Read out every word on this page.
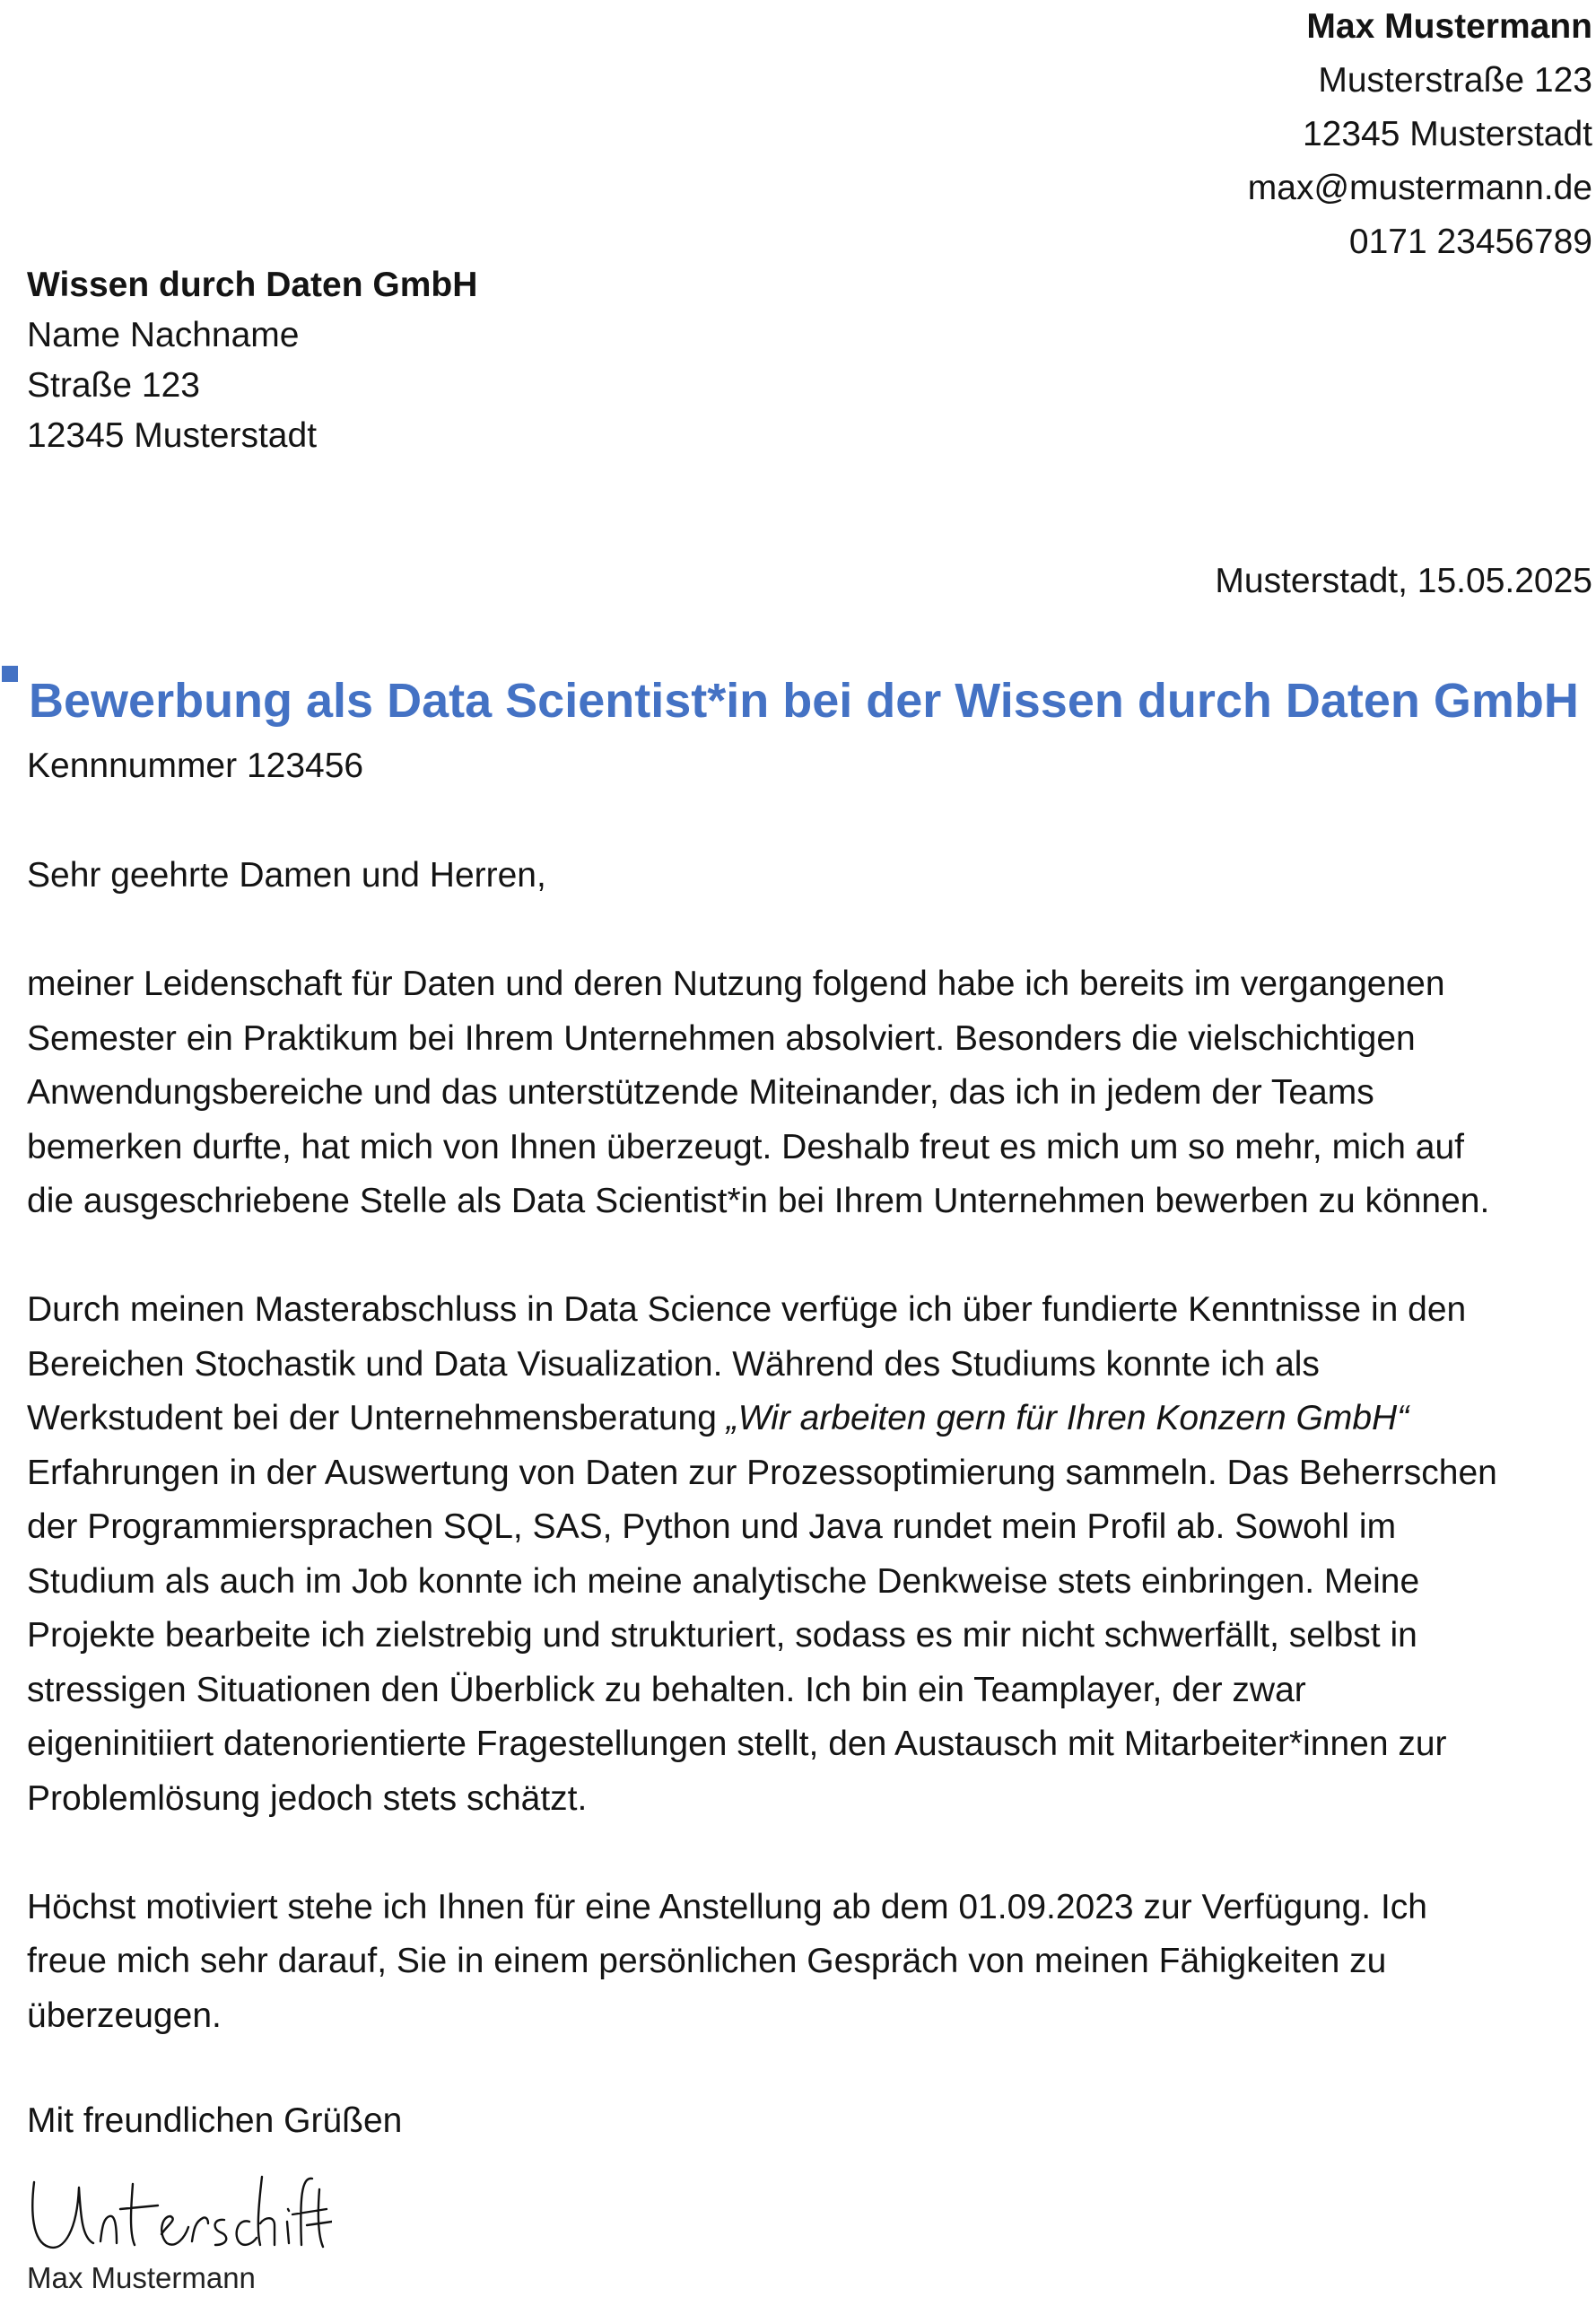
Max Mustermann
Musterstraße 123
12345 Musterstadt
max@mustermann.de
0171 23456789
Wissen durch Daten GmbH
Name Nachname
Straße 123
12345 Musterstadt
Musterstadt, 15.05.2025
Bewerbung als Data Scientist*in bei der Wissen durch Daten GmbH
Kennnummer 123456

Sehr geehrte Damen und Herren,

meiner Leidenschaft für Daten und deren Nutzung folgend habe ich bereits im vergangenen
Semester ein Praktikum bei Ihrem Unternehmen absolviert. Besonders die vielschichtigen
Anwendungsbereiche und das unterstützende Miteinander, das ich in jedem der Teams
bemerken durfte, hat mich von Ihnen überzeugt. Deshalb freut es mich um so mehr, mich auf
die ausgeschriebene Stelle als Data Scientist*in bei Ihrem Unternehmen bewerben zu können.

Durch meinen Masterabschluss in Data Science verfüge ich über fundierte Kenntnisse in den
Bereichen Stochastik und Data Visualization. Während des Studiums konnte ich als
Werkstudent bei der Unternehmensberatung „Wir arbeiten gern für Ihren Konzern GmbH“
Erfahrungen in der Auswertung von Daten zur Prozessoptimierung sammeln. Das Beherrschen
der Programmiersprachen SQL, SAS, Python und Java rundet mein Profil ab. Sowohl im
Studium als auch im Job konnte ich meine analytische Denkweise stets einbringen. Meine
Projekte bearbeite ich zielstrebig und strukturiert, sodass es mir nicht schwerfällt, selbst in
stressigen Situationen den Überblick zu behalten. Ich bin ein Teamplayer, der zwar
eigeninitiiert datenorientierte Fragestellungen stellt, den Austausch mit Mitarbeiter*innen zur
Problemlösung jedoch stets schätzt.

Höchst motiviert stehe ich Ihnen für eine Anstellung ab dem 01.09.2023 zur Verfügung. Ich
freue mich sehr darauf, Sie in einem persönlichen Gespräch von meinen Fähigkeiten zu
überzeugen.

Mit freundlichen Grüßen
Max Mustermann
